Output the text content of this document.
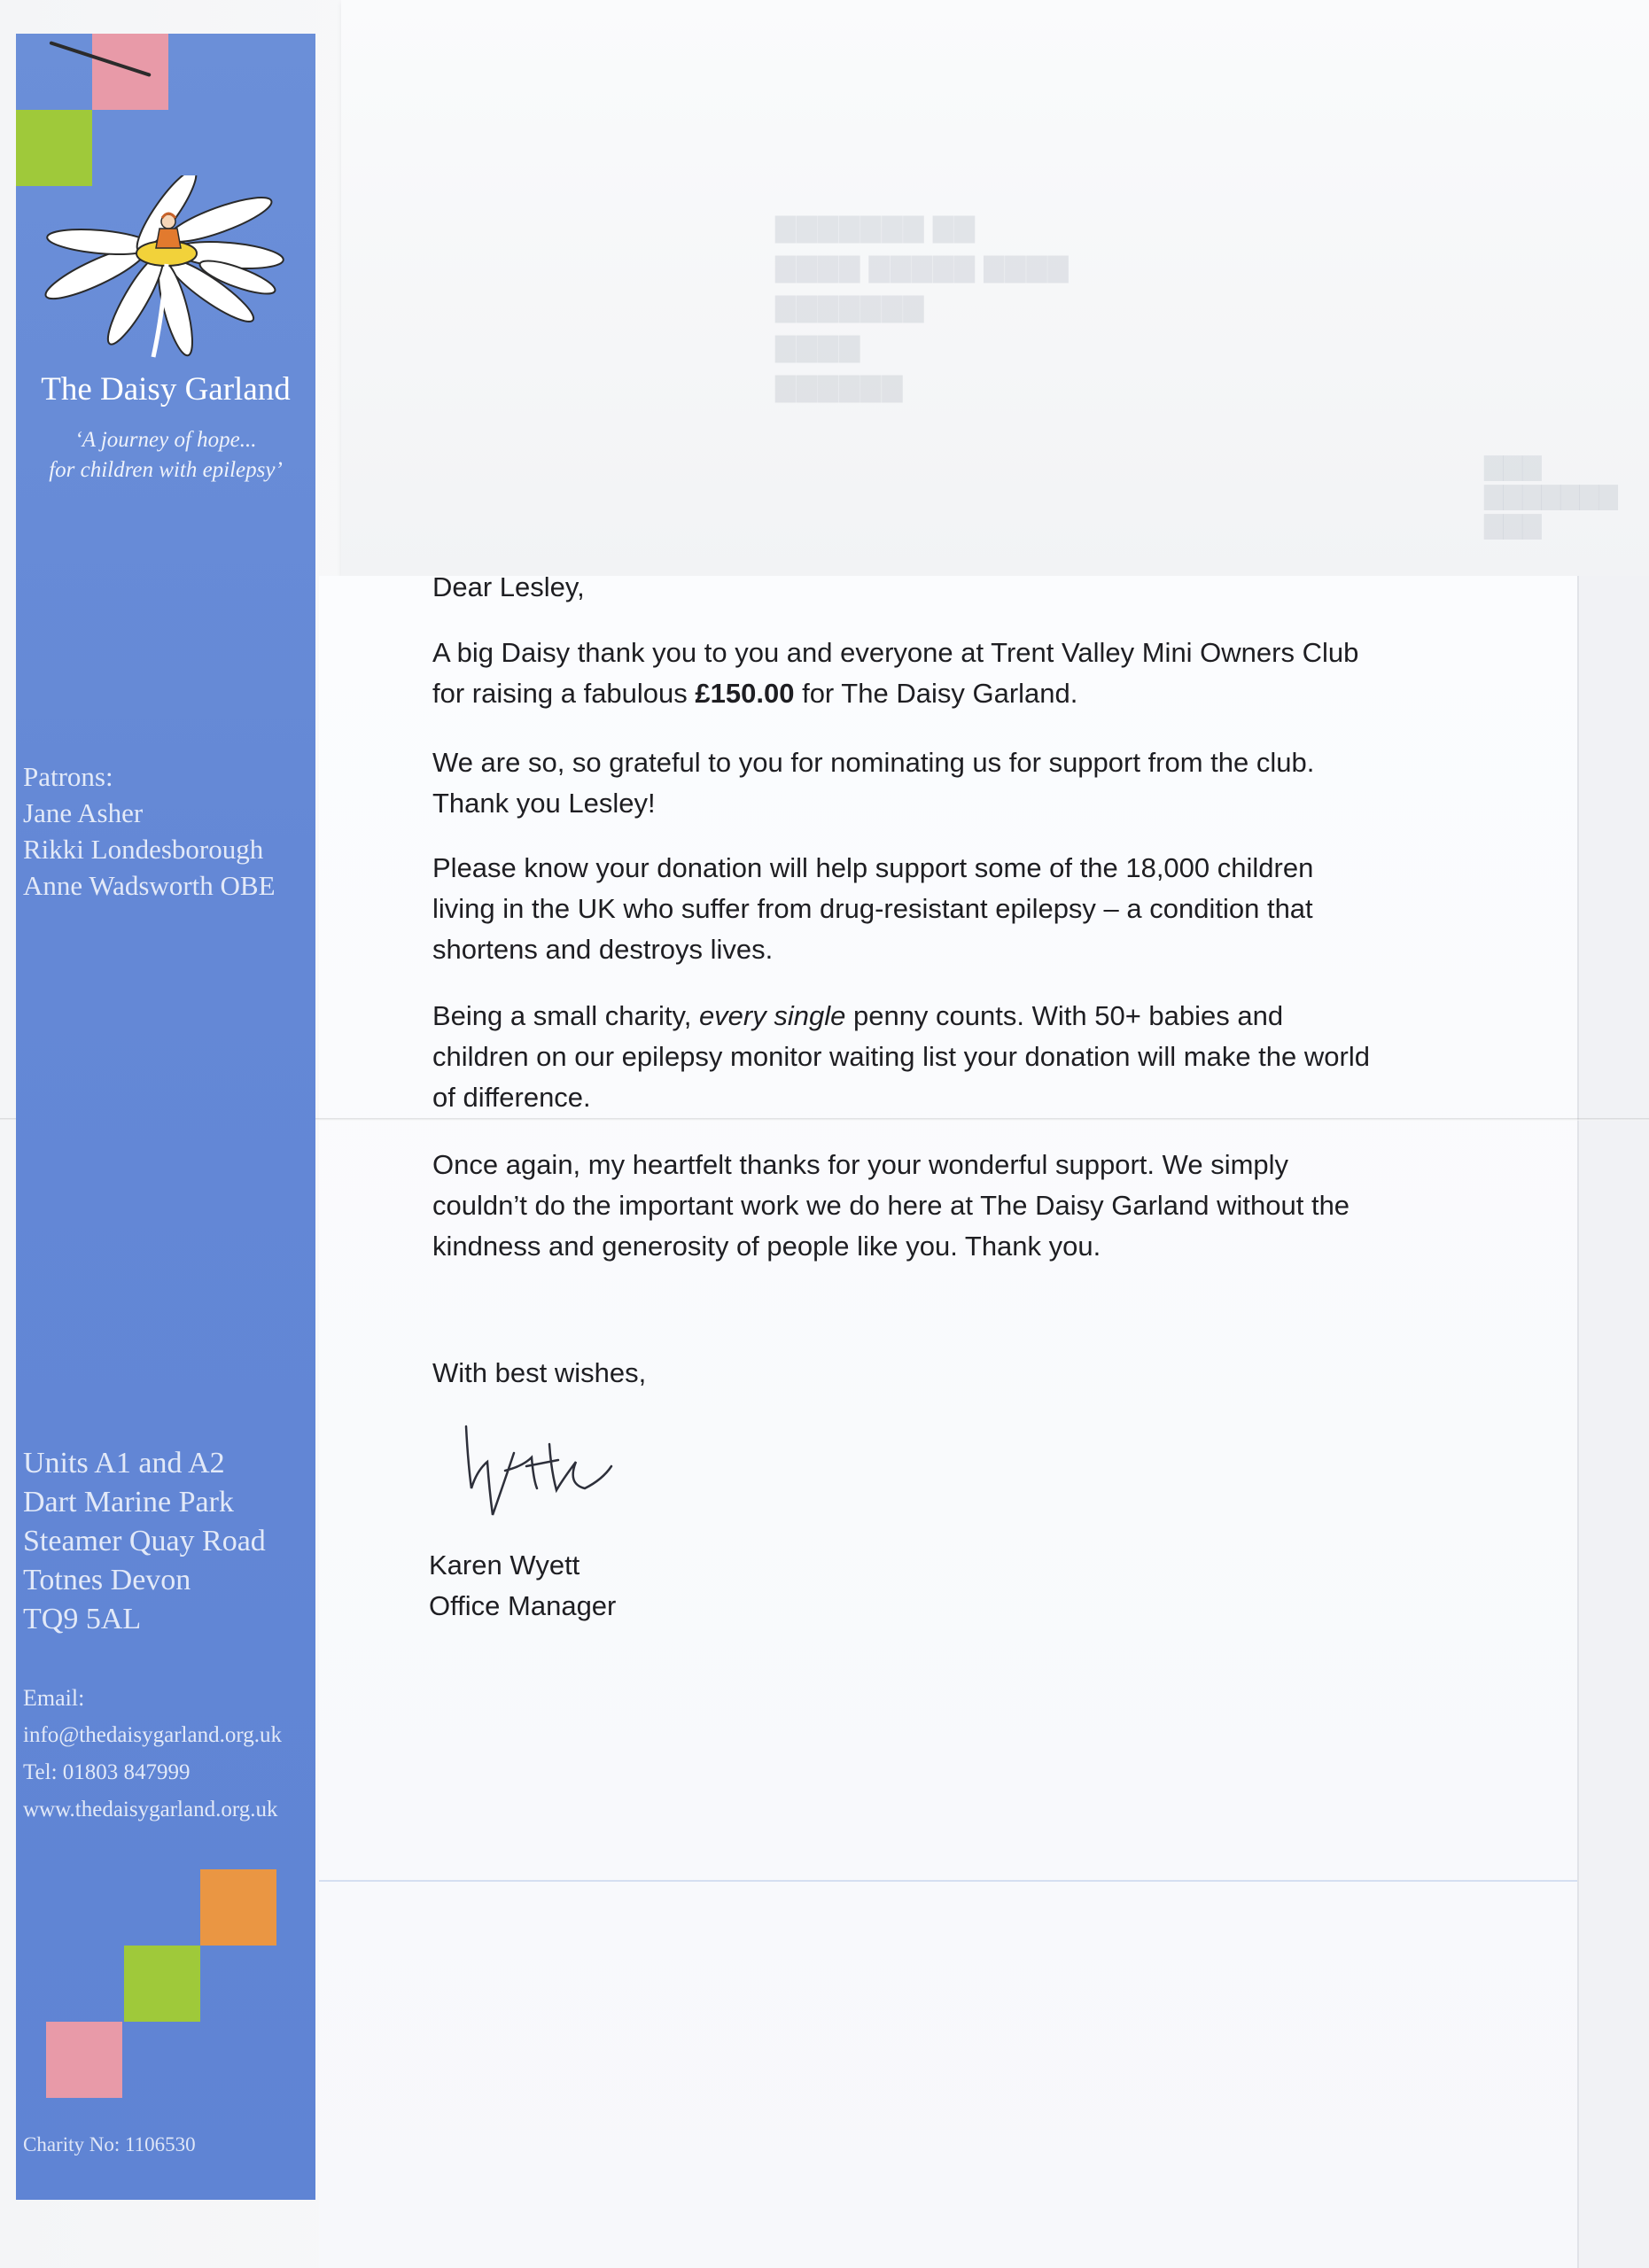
▇▇▇▇▇▇▇ ▇▇
▇▇▇▇ ▇▇▇▇▇ ▇▇▇▇
▇▇▇▇▇▇▇
▇▇▇▇
▇▇▇▇▇▇
▇▇▇ ▇▇▇▇▇▇▇ ▇▇▇
The Daisy Garland
‘A journey of hope...
for children with epilepsy’
Patrons:
Jane Asher
Rikki Londesborough
Anne Wadsworth OBE
Units A1 and A2
Dart Marine Park
Steamer Quay Road
Totnes Devon
TQ9 5AL
Email:
info@thedaisygarland.org.uk
Tel: 01803 847999
www.thedaisygarland.org.uk
Charity No: 1106530
Dear Lesley,

A big Daisy thank you to you and everyone at Trent Valley Mini Owners Club for raising a fabulous £150.00 for The Daisy Garland.

We are so, so grateful to you for nominating us for support from the club. Thank you Lesley!
Please know your donation will help support some of the 18,000 children living in the UK who suffer from drug-resistant epilepsy – a condition that shortens and destroys lives.

Being a small charity, every single penny counts. With 50+ babies and children on our epilepsy monitor waiting list your donation will make the world of difference.

Once again, my heartfelt thanks for your wonderful support. We simply couldn’t do the important work we do here at The Daisy Garland without the kindness and generosity of people like you. Thank you.
With best wishes,
Karen Wyett
Office Manager
